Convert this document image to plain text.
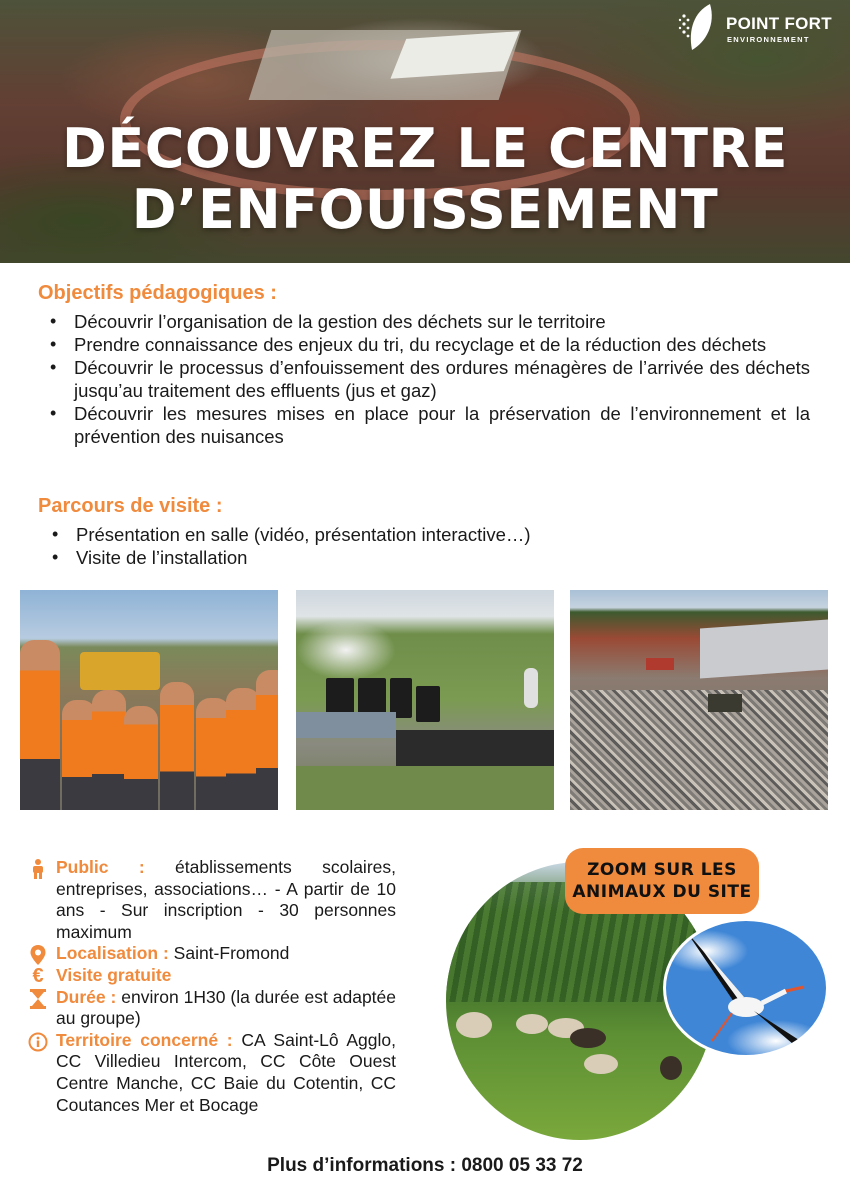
DÉCOUVREZ LE CENTRE
D’ENFOUISSEMENT
POINT FORT
ENVIRONNEMENT
Objectifs pédagogiques :
• Découvrir l’organisation de la gestion des déchets sur le territoire
• Prendre connaissance des enjeux du tri, du recyclage et de la réduction des déchets
• Découvrir le processus d’enfouissement des ordures ménagères de l’arrivée des déchets jusqu’au traitement des effluents (jus et gaz)
• Découvrir les mesures mises en place pour la préservation de l’environnement et la prévention des nuisances
Parcours de visite :
• Présentation en salle (vidéo, présentation interactive…)
• Visite de l’installation
Public : établissements scolaires, entreprises, associations… - A partir de 10 ans - Sur inscription - 30 personnes maximum
Localisation : Saint-Fromond
€ Visite gratuite
Durée : environ 1H30 (la durée est adaptée au groupe)
Territoire concerné : CA Saint-Lô Agglo, CC Villedieu Intercom, CC Côte Ouest Centre Manche, CC Baie du Cotentin, CC Coutances Mer et Bocage
ZOOM SUR LES
ANIMAUX DU SITE
Plus d’informations : 0800 05 33 72
